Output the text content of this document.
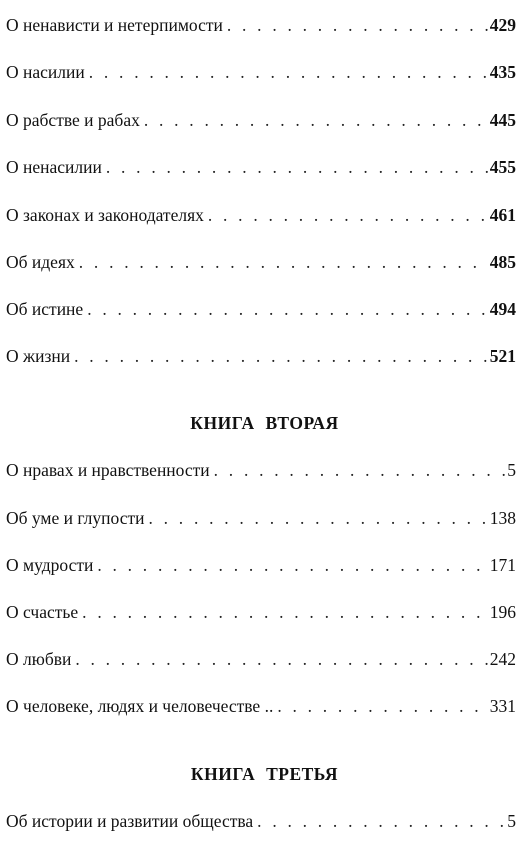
О ненависти и нетерпимости . . .	429
О насилии . . .	435
О рабстве и рабах . . .	445
О ненасилии . . .	455
О законах и законодателях . . .	461
Об идеях . . .	485
Об истине . . .	494
О жизни . . .	521
КНИГА ВТОРАЯ
О нравах и нравственности . . .	5
Об уме и глупости . . .	138
О мудрости . . .	171
О счастье . . .	196
О любви . . .	242
О человеке, людях и человечестве .. . . .	331
КНИГА ТРЕТЬЯ
Об истории и развитии общества . . .	5
